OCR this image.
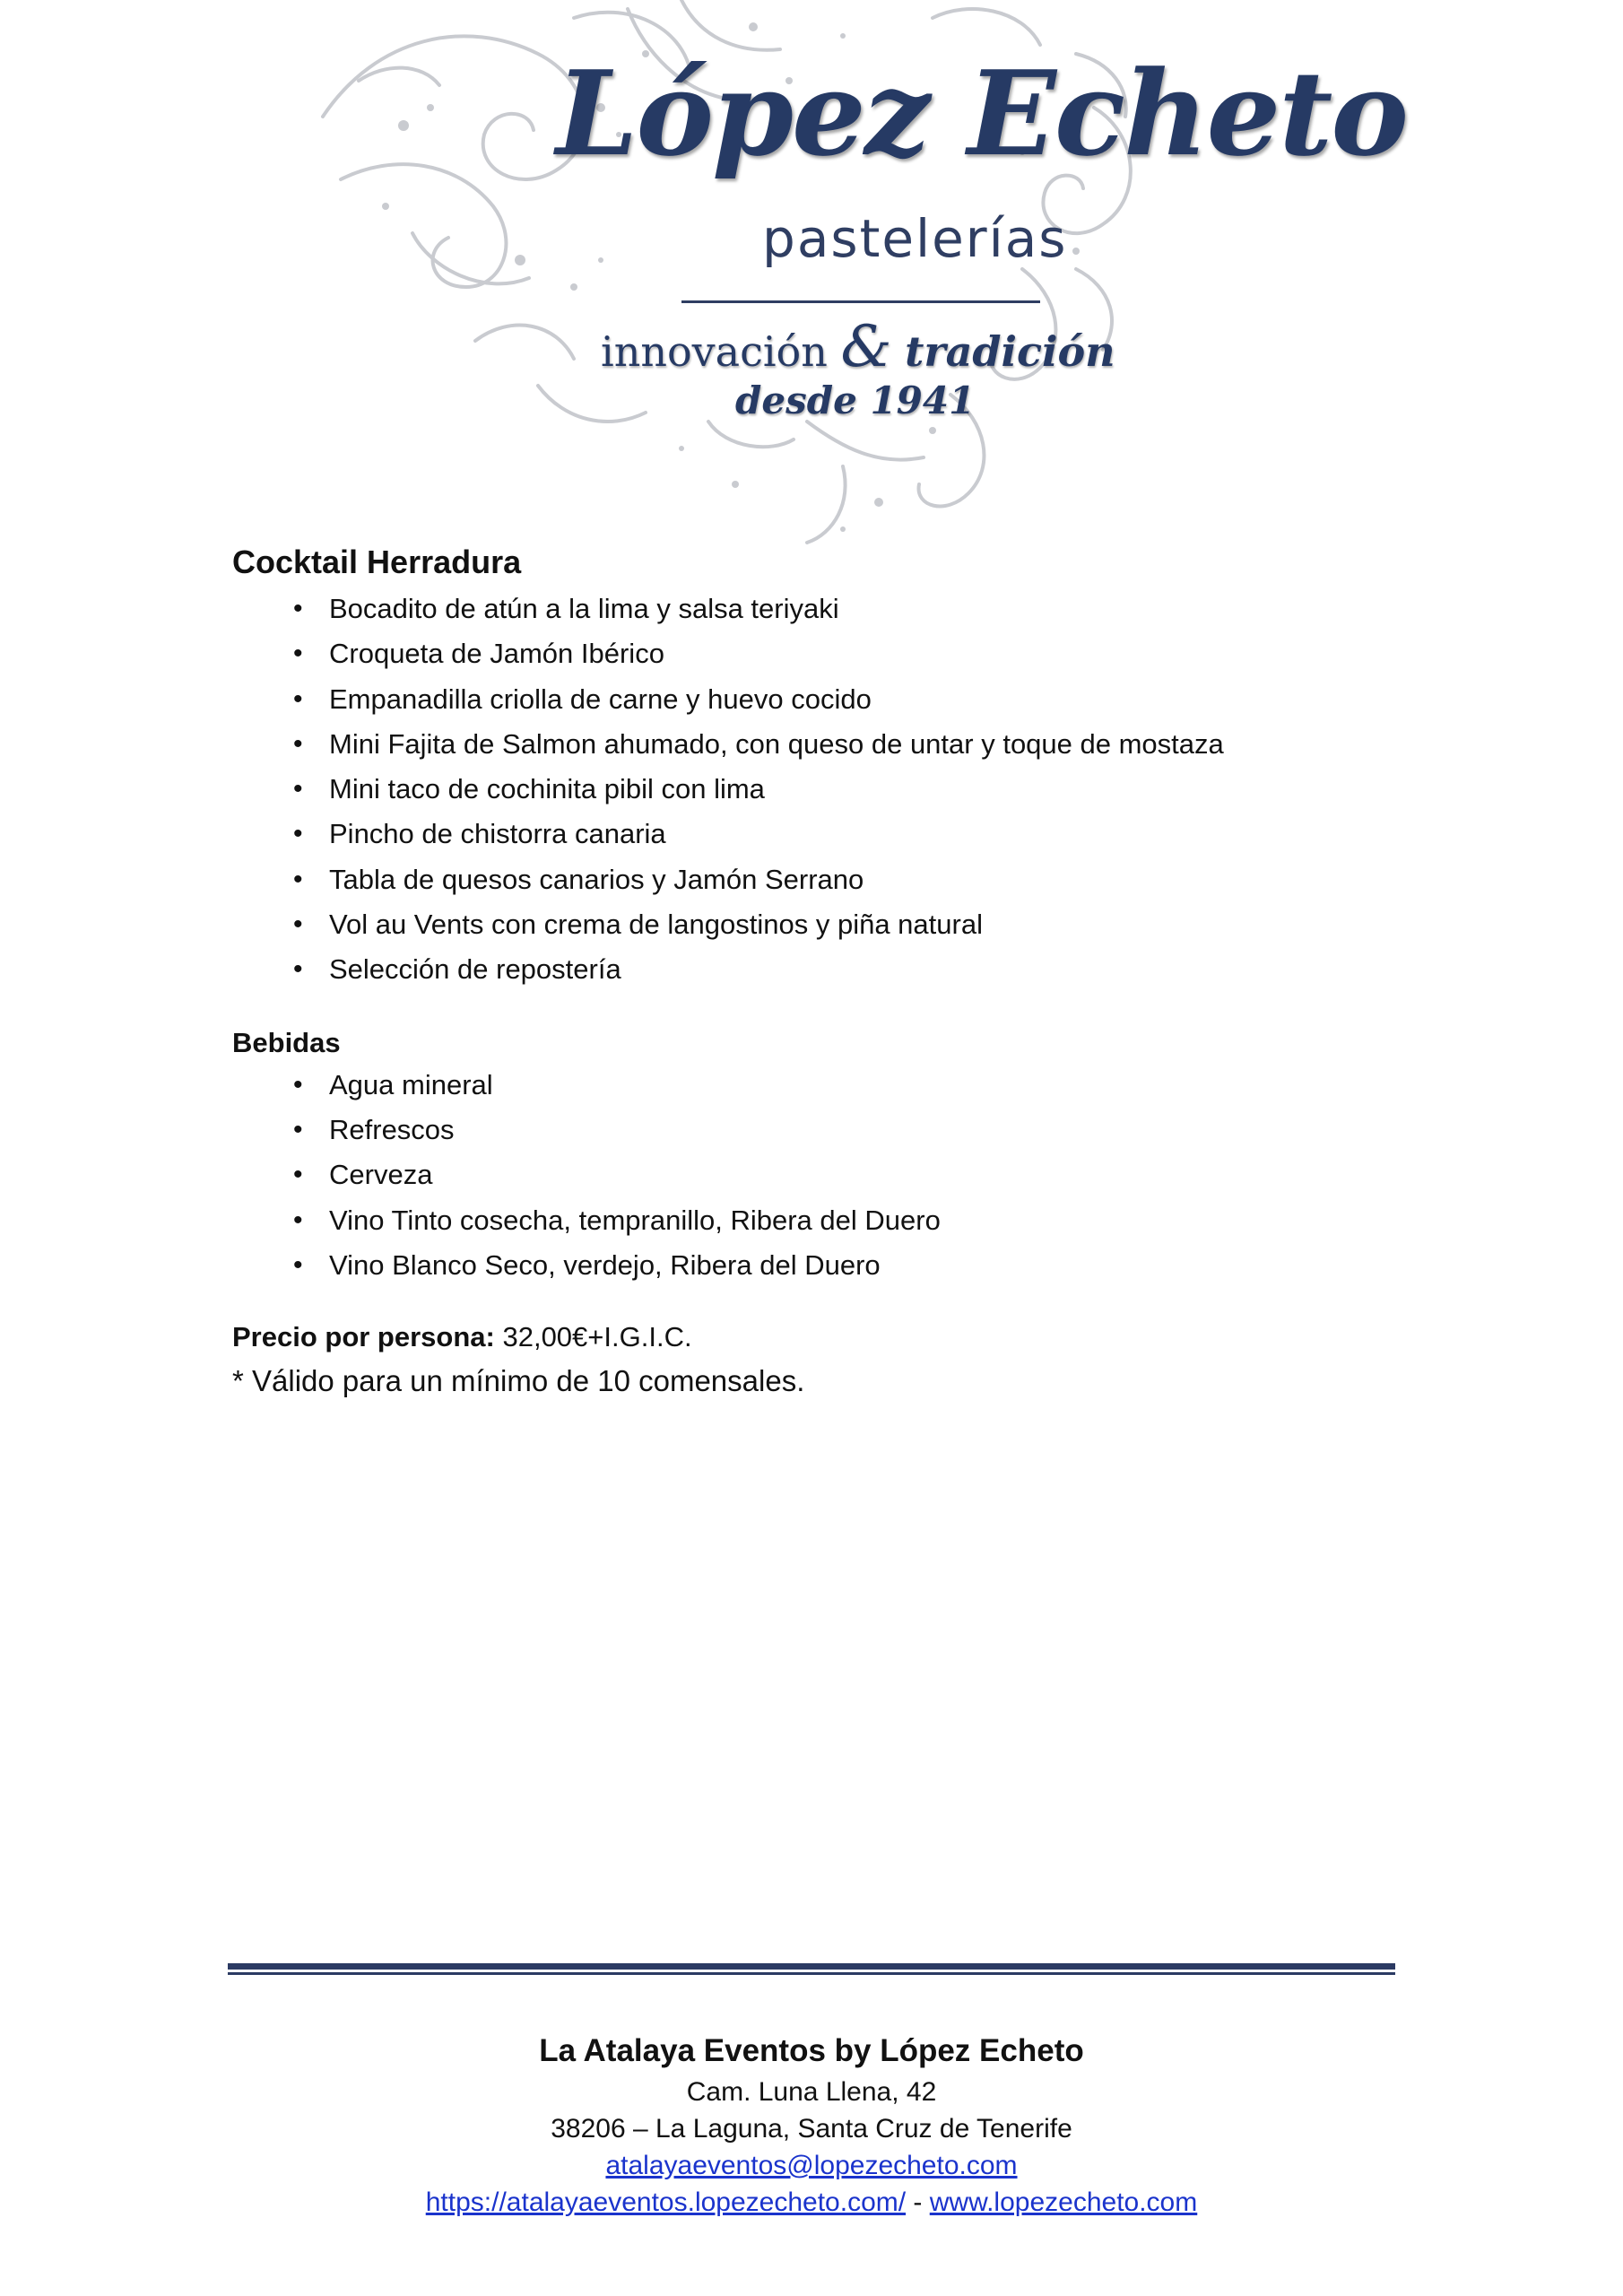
López Echeto
pastelerías
innovación & tradición
desde 1941
Cocktail Herradura
• Bocadito de atún a la lima y salsa teriyaki
• Croqueta de Jamón Ibérico
• Empanadilla criolla de carne y huevo cocido
• Mini Fajita de Salmon ahumado, con queso de untar y toque de mostaza
• Mini taco de cochinita pibil con lima
• Pincho de chistorra canaria
• Tabla de quesos canarios y Jamón Serrano
• Vol au Vents con crema de langostinos y piña natural
• Selección de repostería
Bebidas
• Agua mineral
• Refrescos
• Cerveza
• Vino Tinto cosecha, tempranillo, Ribera del Duero
• Vino Blanco Seco, verdejo, Ribera del Duero
Precio por persona: 32,00€+I.G.I.C.
* Válido para un mínimo de 10 comensales.
La Atalaya Eventos by López Echeto
Cam. Luna Llena, 42
38206 – La Laguna, Santa Cruz de Tenerife
atalayaeventos@lopezecheto.com
https://atalayaeventos.lopezecheto.com/ - www.lopezecheto.com
